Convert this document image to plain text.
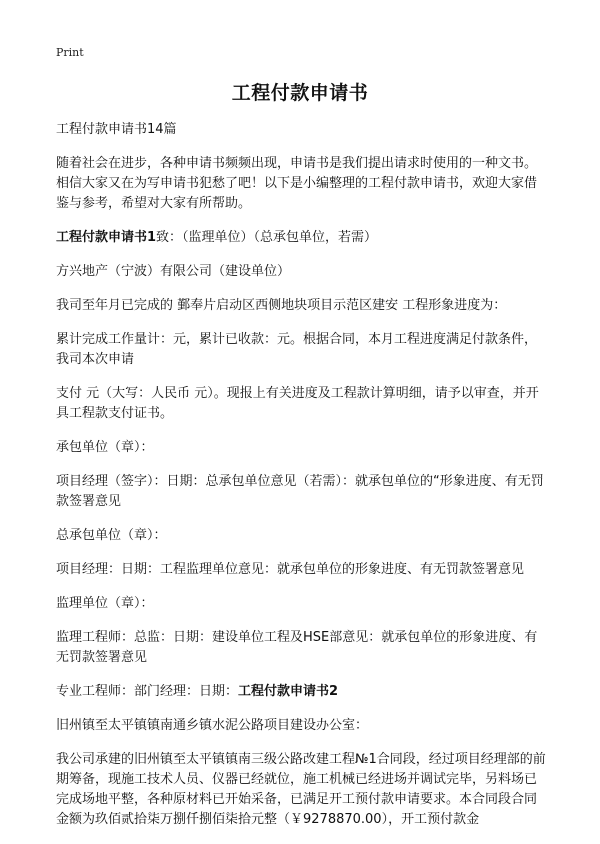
Print
工程付款申请书
工程付款申请书14篇
随着社会在进步，各种申请书频频出现，申请书是我们提出请求时使用的一种文书。相信大家又在为写申请书犯愁了吧！以下是小编整理的工程付款申请书，欢迎大家借鉴与参考，希望对大家有所帮助。
工程付款申请书1致：（监理单位）（总承包单位，若需）
方兴地产（宁波）有限公司（建设单位）
我司至年月已完成的 鄞奉片启动区西侧地块项目示范区建安 工程形象进度为：
累计完成工作量计：元，累计已收款：元。根据合同，本月工程进度满足付款条件，我司本次申请
支付 元（大写：人民币 元）。现报上有关进度及工程款计算明细，请予以审查，并开具工程款支付证书。
承包单位（章）：
项目经理（签字）：日期：总承包单位意见（若需）：就承包单位的“形象进度、有无罚款签署意见
总承包单位（章）：
项目经理：日期：工程监理单位意见：就承包单位的形象进度、有无罚款签署意见
监理单位（章）：
监理工程师：总监：日期：建设单位工程及HSE部意见：就承包单位的形象进度、有无罚款签署意见
专业工程师：部门经理：日期：工程付款申请书2
旧州镇至太平镇镇南通乡镇水泥公路项目建设办公室：
我公司承建的旧州镇至太平镇镇南三级公路改建工程№1合同段，经过项目经理部的前期筹备，现施工技术人员、仪器已经就位，施工机械已经进场并调试完毕，另料场已完成场地平整，各种原材料已开始采备，已满足开工预付款申请要求。本合同段合同金额为玖佰贰拾柒万捌仟捌佰柒拾元整（￥9278870.00），开工预付款金
